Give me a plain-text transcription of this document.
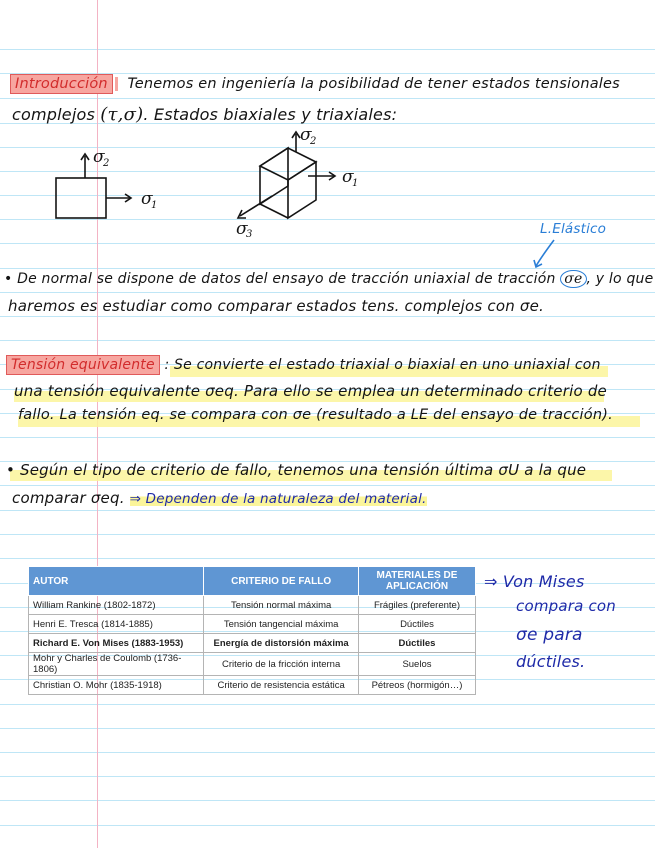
Introducción Tenemos en ingeniería la posibilidad de tener estados tensionales
complejos (τ,σ). Estados biaxiales y triaxiales:
σ
2
σ
1
σ
2
σ
1
σ
3	L.Elástico
• De normal se dispone de datos del ensayo de tracción uniaxial de tracción σe , y lo que
haremos es estudiar como comparar estados tens. complejos con σe.
Tensión equivalente : Se convierte el estado triaxial o biaxial en uno uniaxial con
una tensión equivalente σeq. Para ello se emplea un determinado criterio de
fallo. La tensión eq. se compara con σe (resultado a LE del ensayo de tracción).
• Según el tipo de criterio de fallo, tenemos una tensión última σU a la que
comparar σeq. ⇒ Dependen de la naturaleza del material.
AUTOR	CRITERIO DE FALLO	MATERIALES DE APLICACIÓN
William Rankine (1802-1872)	Tensión normal máxima	Frágiles (preferente)
Henri E. Tresca (1814-1885)	Tensión tangencial máxima	Dúctiles
Richard E. Von Mises (1883-1953)	Energía de distorsión máxima	Dúctiles
Mohr y Charles de Coulomb (1736-1806)	Criterio de la fricción interna	Suelos
Christian O. Mohr (1835-1918)	Criterio de resistencia estática	Pétreos (hormigón…)
⇒ Von Mises
compara con
σe para
dúctiles.
